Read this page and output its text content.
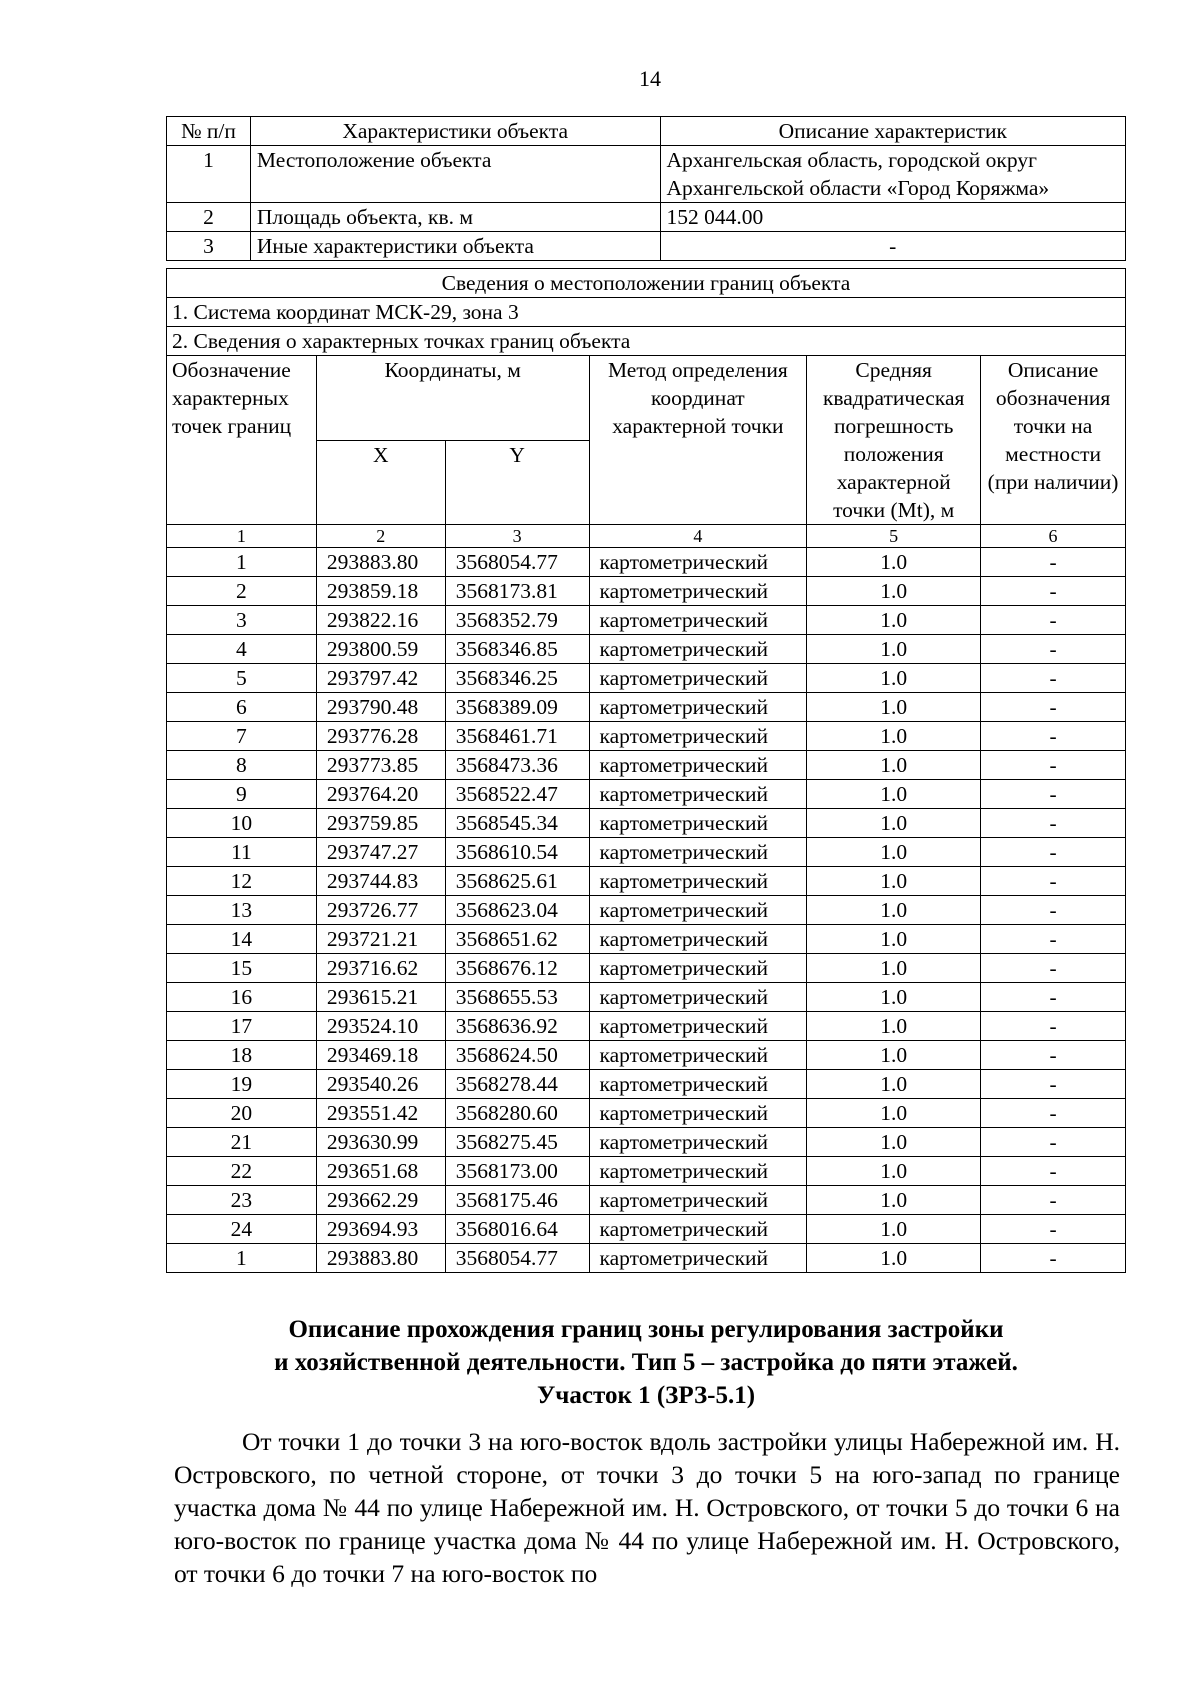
14
№ п/п	Характеристики объекта	Описание характеристик
1	Местоположение объекта	Архангельская область, городской округ Архангельской области «Город Коряжма»
2	Площадь объекта, кв. м	152 044.00
3	Иные характеристики объекта	-
Сведения о местоположении границ объекта					
1. Система координат МСК-29, зона 3					
2. Сведения о характерных точках границ объекта					
Обозначение характерных точек границ	Координаты, м		Метод определения координат характерной точки	Средняя квадратическая погрешность положения характерной точки (Mt), м	Описание обозначения точки на местности (при наличии)
	X	Y			
1	2	3	4	5	6
1	293883.80	3568054.77	картометрический	1.0	-
2	293859.18	3568173.81	картометрический	1.0	-
3	293822.16	3568352.79	картометрический	1.0	-
4	293800.59	3568346.85	картометрический	1.0	-
5	293797.42	3568346.25	картометрический	1.0	-
6	293790.48	3568389.09	картометрический	1.0	-
7	293776.28	3568461.71	картометрический	1.0	-
8	293773.85	3568473.36	картометрический	1.0	-
9	293764.20	3568522.47	картометрический	1.0	-
10	293759.85	3568545.34	картометрический	1.0	-
11	293747.27	3568610.54	картометрический	1.0	-
12	293744.83	3568625.61	картометрический	1.0	-
13	293726.77	3568623.04	картометрический	1.0	-
14	293721.21	3568651.62	картометрический	1.0	-
15	293716.62	3568676.12	картометрический	1.0	-
16	293615.21	3568655.53	картометрический	1.0	-
17	293524.10	3568636.92	картометрический	1.0	-
18	293469.18	3568624.50	картометрический	1.0	-
19	293540.26	3568278.44	картометрический	1.0	-
20	293551.42	3568280.60	картометрический	1.0	-
21	293630.99	3568275.45	картометрический	1.0	-
22	293651.68	3568173.00	картометрический	1.0	-
23	293662.29	3568175.46	картометрический	1.0	-
24	293694.93	3568016.64	картометрический	1.0	-
1	293883.80	3568054.77	картометрический	1.0	-
Описание прохождения границ зоны регулирования застройки
и хозяйственной деятельности. Тип 5 – застройка до пяти этажей.
Участок 1 (ЗРЗ-5.1)
От точки 1 до точки 3 на юго-восток вдоль застройки улицы Набережной им. Н. Островского, по четной стороне, от точки 3 до точки 5 на юго-запад по границе участка дома № 44 по улице Набережной им. Н. Островского, от точки 5 до точки 6 на юго-восток по границе участка дома № 44 по улице Набережной им. Н. Островского, от точки 6 до точки 7 на юго-восток по
